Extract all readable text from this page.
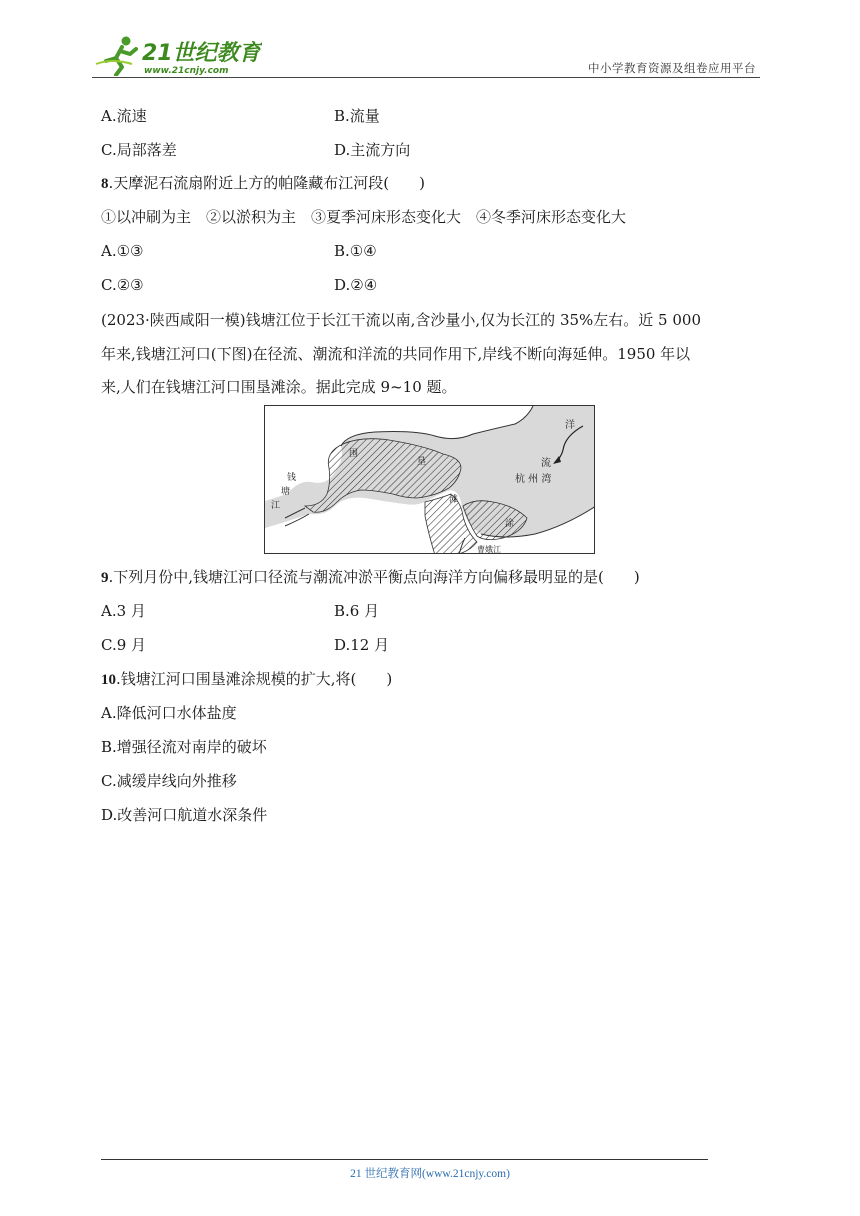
21世纪教育
www.21cnjy.com	中小学教育资源及组卷应用平台
A.流速	B.流量
C.局部落差	D.主流方向
8.天摩泥石流扇附近上方的帕隆藏布江河段(　　)
①以冲刷为主　②以淤积为主　③夏季河床形态变化大　④冬季河床形态变化大
A.①③	B.①④
C.②③	D.②④
(2023·陕西咸阳一模)钱塘江位于长江干流以南,含沙量小,仅为长江的 35%左右。近 5 000
年来,钱塘江河口(下图)在径流、潮流和洋流的共同作用下,岸线不断向海延伸。1950 年以
来,人们在钱塘江河口围垦滩涂。据此完成 9~10 题。
洋
流
杭 州 湾
钱
塘
江
围
垦
滩
涂
曹娥江
9.下列月份中,钱塘江河口径流与潮流冲淤平衡点向海洋方向偏移最明显的是(　　)
A.3 月	B.6 月
C.9 月	D.12 月
10.钱塘江河口围垦滩涂规模的扩大,将(　　)
A.降低河口水体盐度
B.增强径流对南岸的破坏
C.减缓岸线向外推移
D.改善河口航道水深条件
21 世纪教育网(www.21cnjy.com)
